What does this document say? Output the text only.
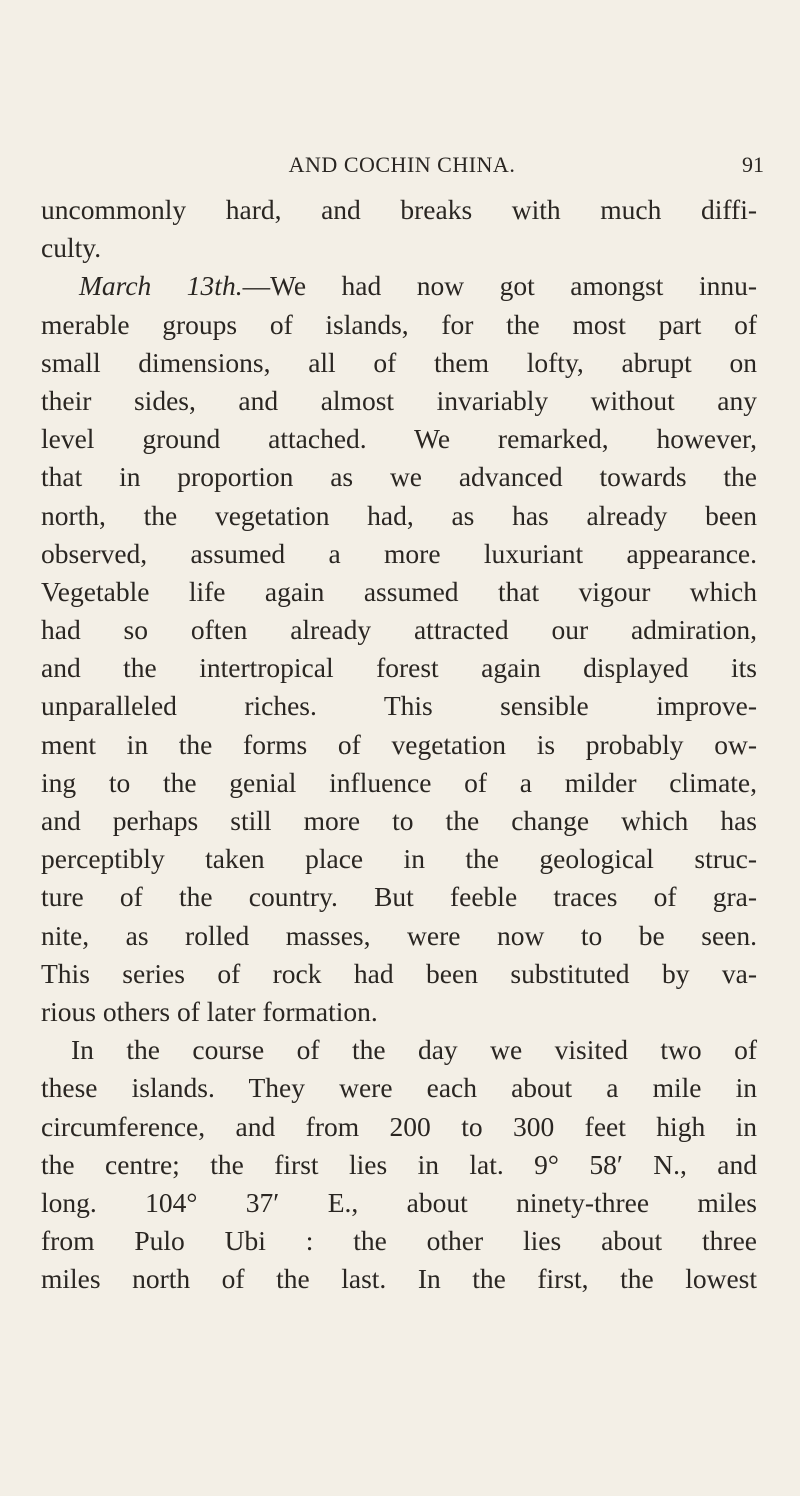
AND COCHIN CHINA.	91
uncommonly hard, and breaks with much diffi-
culty.
March 13th.—We had now got amongst innu-
merable groups of islands, for the most part of
small dimensions, all of them lofty, abrupt on
their sides, and almost invariably without any
level ground attached. We remarked, however,
that in proportion as we advanced towards the
north, the vegetation had, as has already been
observed, assumed a more luxuriant appearance.
Vegetable life again assumed that vigour which
had so often already attracted our admiration,
and the intertropical forest again displayed its
unparalleled riches. This sensible improve-
ment in the forms of vegetation is probably ow-
ing to the genial influence of a milder climate,
and perhaps still more to the change which has
perceptibly taken place in the geological struc-
ture of the country. But feeble traces of gra-
nite, as rolled masses, were now to be seen.
This series of rock had been substituted by va-
rious others of later formation.
In the course of the day we visited two of
these islands. They were each about a mile in
circumference, and from 200 to 300 feet high in
the centre; the first lies in lat. 9° 58′ N., and
long. 104° 37′ E., about ninety-three miles
from Pulo Ubi : the other lies about three
miles north of the last. In the first, the lowest
